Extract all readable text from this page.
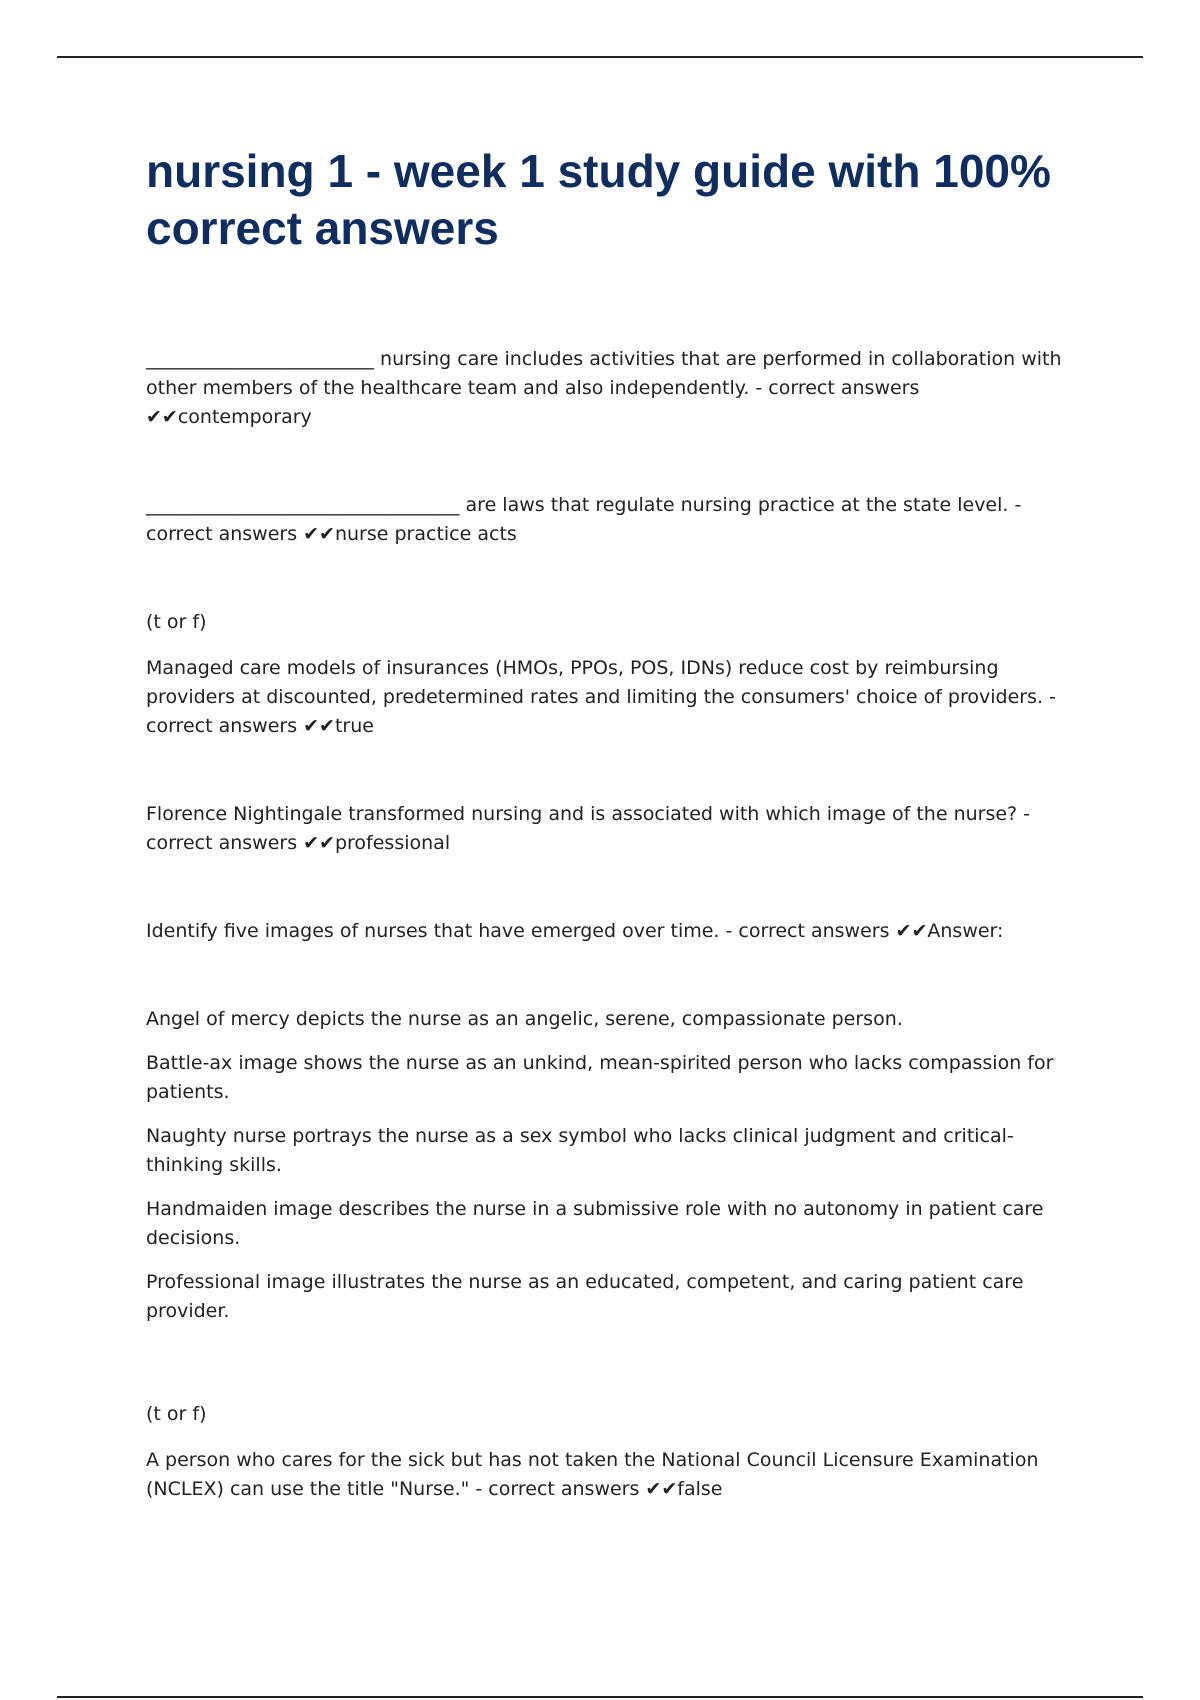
nursing 1 - week 1 study guide with 100% correct answers

________________________ nursing care includes activities that are performed in collaboration with other members of the healthcare team and also independently. - correct answers ✔✔contemporary

_________________________________ are laws that regulate nursing practice at the state level. - correct answers ✔✔nurse practice acts

(t or f)

Managed care models of insurances (HMOs, PPOs, POS, IDNs) reduce cost by reimbursing providers at discounted, predetermined rates and limiting the consumers' choice of providers. - correct answers ✔✔true

Florence Nightingale transformed nursing and is associated with which image of the nurse? - correct answers ✔✔professional

Identify five images of nurses that have emerged over time. - correct answers ✔✔Answer:

Angel of mercy depicts the nurse as an angelic, serene, compassionate person.

Battle-ax image shows the nurse as an unkind, mean-spirited person who lacks compassion for patients.

Naughty nurse portrays the nurse as a sex symbol who lacks clinical judgment and critical-thinking skills.

Handmaiden image describes the nurse in a submissive role with no autonomy in patient care decisions.

Professional image illustrates the nurse as an educated, competent, and caring patient care provider.

(t or f)

A person who cares for the sick but has not taken the National Council Licensure Examination (NCLEX) can use the title "Nurse." - correct answers ✔✔false
